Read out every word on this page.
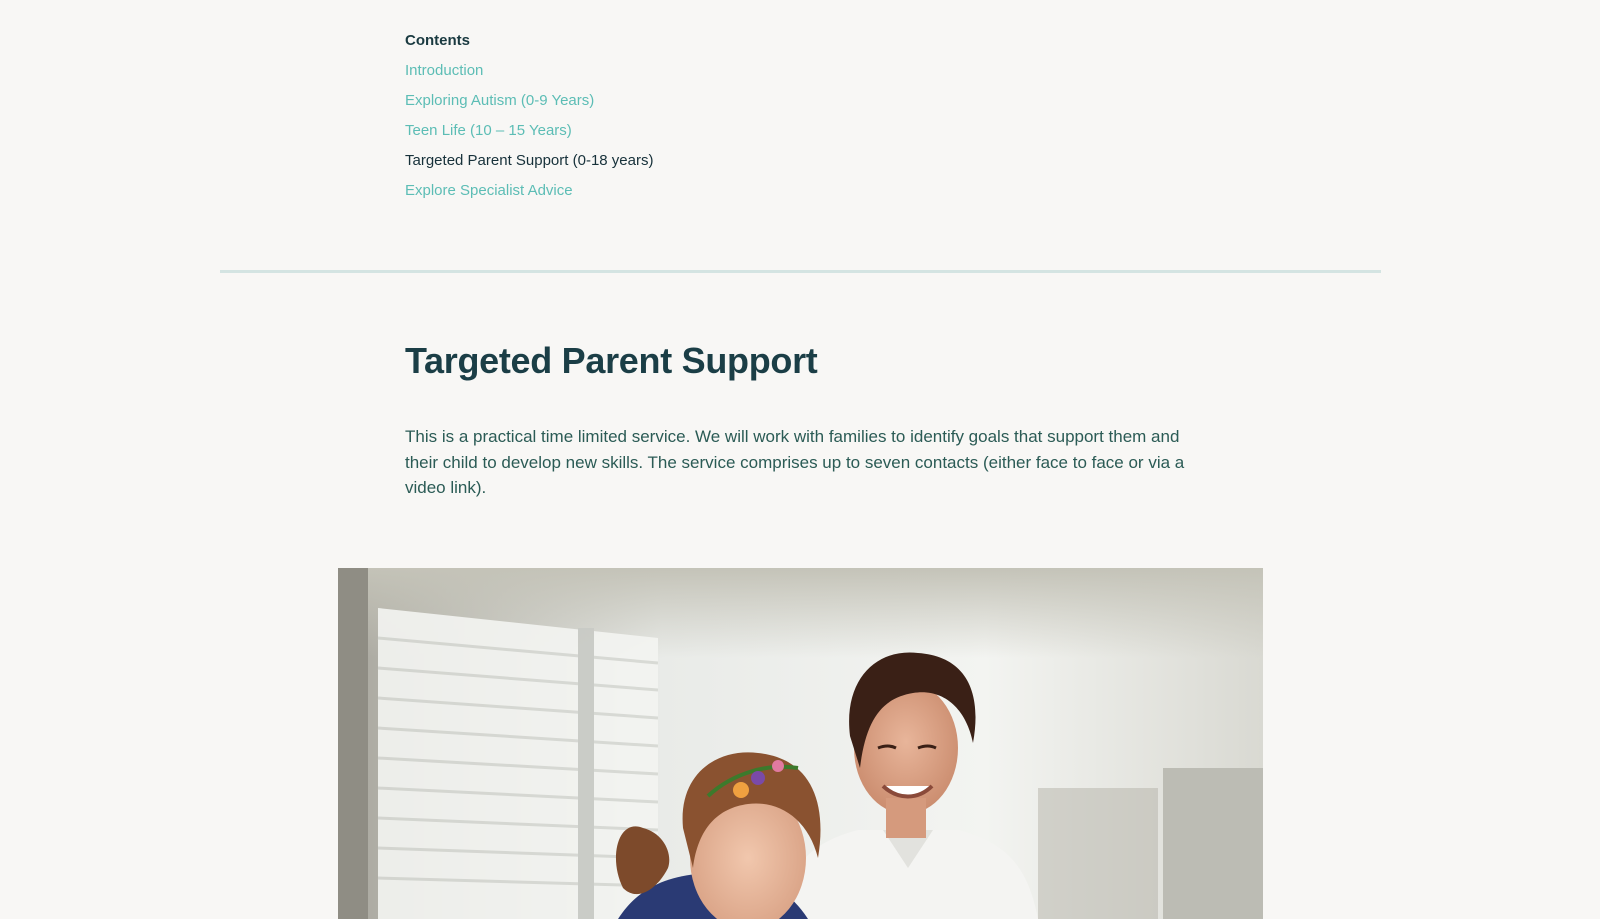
Contents
Introduction
Exploring Autism (0-9 Years)
Teen Life (10 – 15 Years)
Targeted Parent Support (0-18 years)
Explore Specialist Advice
Targeted Parent Support

This is a practical time limited service. We will work with families to identify goals that support them and their child to develop new skills. The service comprises up to seven contacts (either face to face or via a video link).
